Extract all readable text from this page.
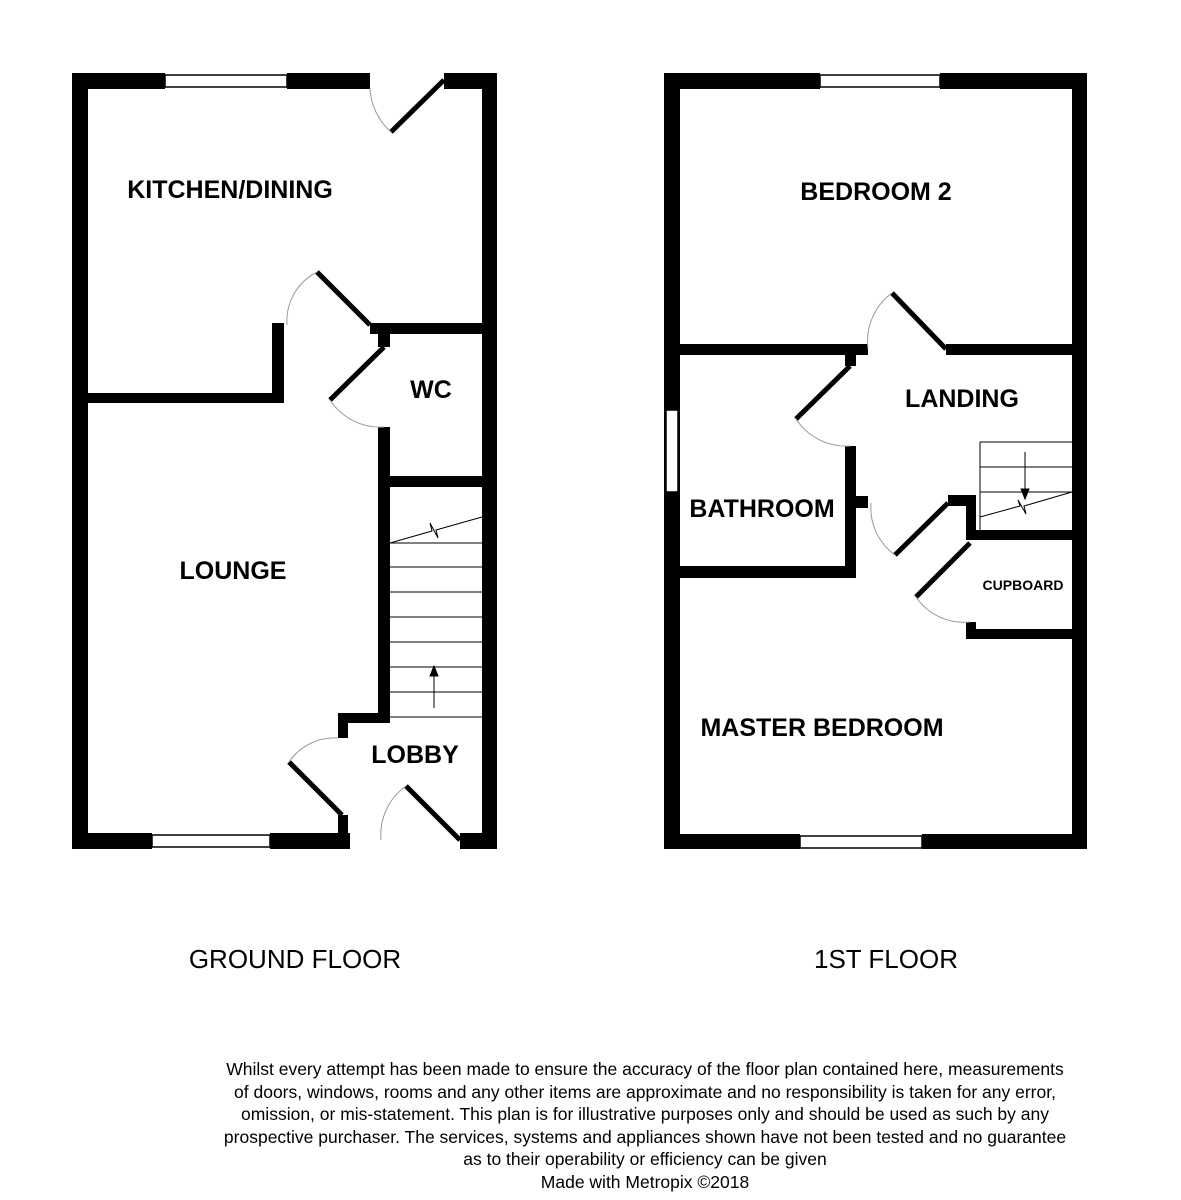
KITCHEN/DINING
WC
LOUNGE
LOBBY
BEDROOM 2
LANDING
BATHROOM
CUPBOARD
MASTER BEDROOM
GROUND FLOOR	1ST FLOOR
Whilst every attempt has been made to ensure the accuracy of the floor plan contained here, measurements
of doors, windows, rooms and any other items are approximate and no responsibility is taken for any error,
omission, or mis-statement. This plan is for illustrative purposes only and should be used as such by any
prospective purchaser. The services, systems and appliances shown have not been tested and no guarantee
as to their operability or efficiency can be given
Made with Metropix ©2018
